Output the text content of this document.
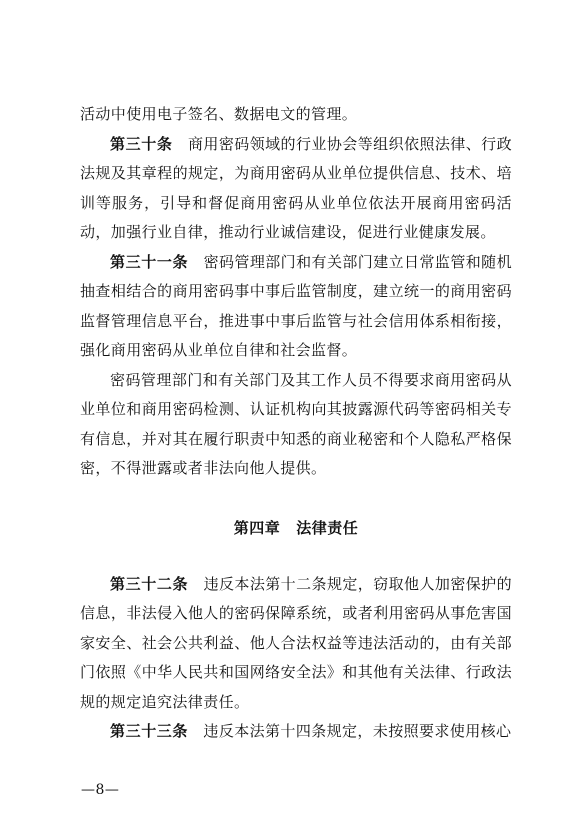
活动中使用电子签名、数据电文的管理。

第三十条　 商用密码领域的行业协会等组织依照法律、行政法规及其章程的规定，为商用密码从业单位提供信息、技术、培训等服务，引导和督促商用密码从业单位依法开展商用密码活动，加强行业自律，推动行业诚信建设，促进行业健康发展。

第三十一条　 密码管理部门和有关部门建立日常监管和随机抽查相结合的商用密码事中事后监管制度，建立统一的商用密码监督管理信息平台，推进事中事后监管与社会信用体系相衔接，强化商用密码从业单位自律和社会监督。

密码管理部门和有关部门及其工作人员不得要求商用密码从业单位和商用密码检测、认证机构向其披露源代码等密码相关专有信息，并对其在履行职责中知悉的商业秘密和个人隐私严格保密，不得泄露或者非法向他人提供。

第四章 法律责任

第三十二条　 违反本法第十二条规定，窃取他人加密保护的信息，非法侵入他人的密码保障系统，或者利用密码从事危害国家安全、社会公共利益、他人合法权益等违法活动的，由有关部门依照《中华人民共和国网络安全法》和其他有关法律、行政法规的规定追究法律责任。

第三十三条　 违反本法第十四条规定，未按照要求使用核心

—8—
